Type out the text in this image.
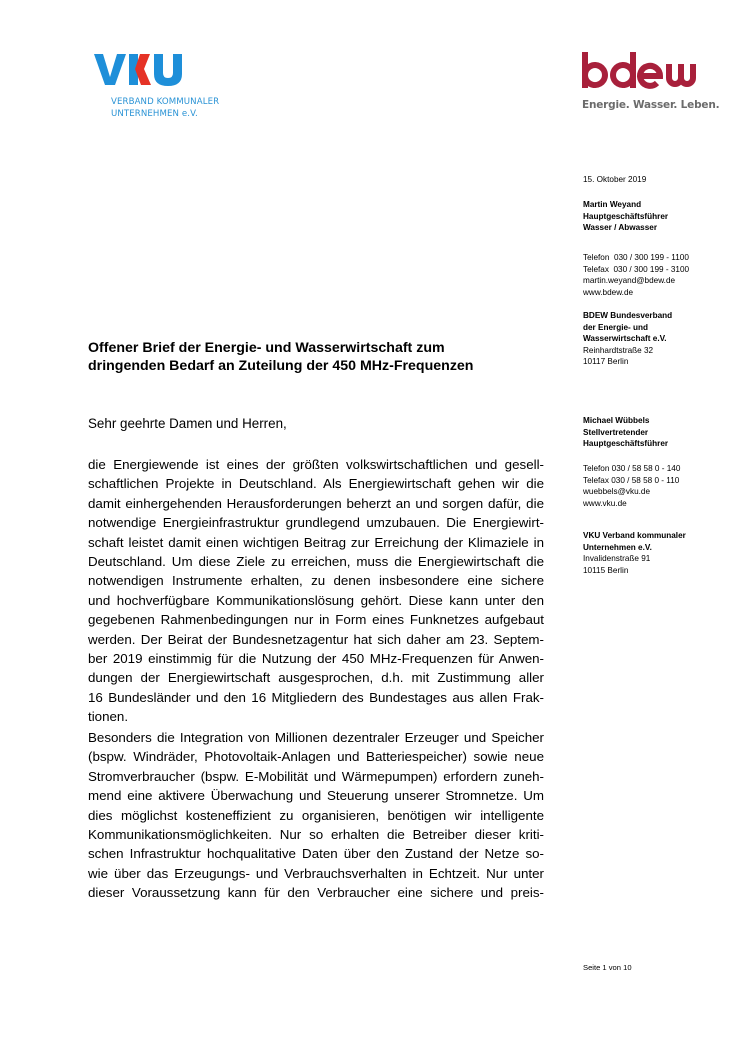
VERBAND KOMMUNALER
UNTERNEHMEN e.V.
Energie. Wasser. Leben.
15. Oktober 2019
Martin Weyand
Hauptgeschäftsführer
Wasser / Abwasser
Telefon  030 / 300 199 - 1100
Telefax  030 / 300 199 - 3100
martin.weyand@bdew.de
www.bdew.de
BDEW Bundesverband
der Energie- und
Wasserwirtschaft e.V.
Reinhardtstraße 32
10117 Berlin
Michael Wübbels
Stellvertretender
Hauptgeschäftsführer
Telefon 030 / 58 58 0 - 140
Telefax 030 / 58 58 0 - 110
wuebbels@vku.de
www.vku.de
VKU Verband kommunaler
Unternehmen e.V.
Invalidenstraße 91
10115 Berlin
Offener Brief der Energie- und Wasserwirtschaft zum
dringenden Bedarf an Zuteilung der 450 MHz-Frequenzen
Sehr geehrte Damen und Herren,
die Energiewende ist eines der größten volkswirtschaftlichen und gesell-
schaftlichen Projekte in Deutschland. Als Energiewirtschaft gehen wir die
damit einhergehenden Herausforderungen beherzt an und sorgen dafür, die
notwendige Energieinfrastruktur grundlegend umzubauen. Die Energiewirt-
schaft leistet damit einen wichtigen Beitrag zur Erreichung der Klimaziele in
Deutschland. Um diese Ziele zu erreichen, muss die Energiewirtschaft die
notwendigen Instrumente erhalten, zu denen insbesondere eine sichere
und hochverfügbare Kommunikationslösung gehört. Diese kann unter den
gegebenen Rahmenbedingungen nur in Form eines Funknetzes aufgebaut
werden. Der Beirat der Bundesnetzagentur hat sich daher am 23. Septem-
ber 2019 einstimmig für die Nutzung der 450 MHz-Frequenzen für Anwen-
dungen der Energiewirtschaft ausgesprochen, d.h. mit Zustimmung aller
16 Bundesländer und den 16 Mitgliedern des Bundestages aus allen Frak-
tionen.
Besonders die Integration von Millionen dezentraler Erzeuger und Speicher
(bspw. Windräder, Photovoltaik-Anlagen und Batteriespeicher) sowie neue
Stromverbraucher (bspw. E-Mobilität und Wärmepumpen) erfordern zuneh-
mend eine aktivere Überwachung und Steuerung unserer Stromnetze. Um
dies möglichst kosteneffizient zu organisieren, benötigen wir intelligente
Kommunikationsmöglichkeiten. Nur so erhalten die Betreiber dieser kriti-
schen Infrastruktur hochqualitative Daten über den Zustand der Netze so-
wie über das Erzeugungs- und Verbrauchsverhalten in Echtzeit. Nur unter
dieser Voraussetzung kann für den Verbraucher eine sichere und preis-
Seite 1 von 10
